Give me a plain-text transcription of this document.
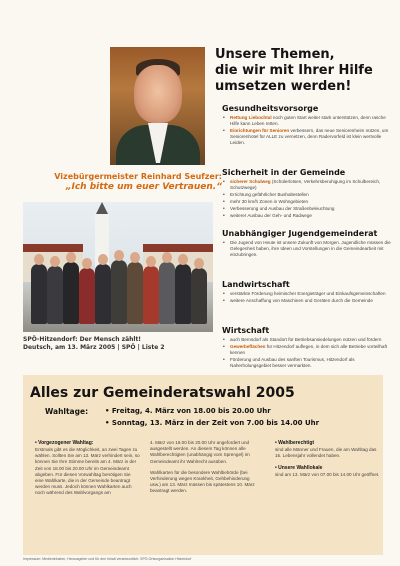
Vizebürgermeister Reinhard Seufzer:
„Ich bitte um euer Vertrauen.“
SPÖ-Hitzendorf: Der Mensch zählt!
Deutsch, am 13. März 2005 | SPÖ | Liste 2
Unsere Themen,
die wir mit Ihrer Hilfe
umsetzen werden!
Gesundheitsvorsorge
• Rettung Liebochtal noch guten Start weiter stark unterstützen, denn rasche Hilfe kann Leben retten.
• Einrichtungen für Senioren verbessern, das neue Seniorenheim nützen, um Seniorenhotel für ALLE zu vernetzen, denn Radervorfeld ist klein wertvolle Leiden.
Sicherheit in der Gemeinde
• sicherer Schulweg (Schülerlotsen, Verkehrsberuhigung im Schulbereich, Schutzwege)
• Errichtung gefährlicher Bushaltestellen
• mehr 30 km/h Zonen in Wohngebieten
• Verbesserung und Ausbau der Straßenbeleuchtung
• weiterer Ausbau der Geh- und Radwege
Unabhängiger Jugendgemeinderat
• Die Jugend von Heute ist unsere Zukunft von Morgen. Jugendliche müssen die Gelegenheit haben, ihre Ideen und Vorstellungen in die Gemeindearbeit mit einzubringen.
Landwirtschaft
• verstärkte Förderung heimischer Energieträger und Einkaufsgemeinschaften
• weitere Anschaffung von Maschinen und Geräten durch die Gemeinde
Wirtschaft
• auch Bernsdorf als Standort für Betriebsansiedelungen nützen und fördern
• Gewerbeflächen für Hitzendorf auflegen, in dem sich alle Betriebe vorteilhaft kennen
• Förderung und Ausbau des sanften Tourismus, Hitzendorf als Naherholungsgebiet besser vermarkten.
Alles zur Gemeinderatswahl 2005
Wahltage: • Freitag, 4. März von 18.00 bis 20.00 Uhr
• Sonntag, 13. März in der Zeit von 7.00 bis 14.00 Uhr
• Vorgezogener Wahltag:
Erstmals gibt es die Möglichkeit, an zwei Tagen zu wählen. Sollten Sie am 13. März verhindert sein, so können Sie Ihre Stimme bereits am 4. März in der Zeit von 18.00 bis 20.00 Uhr im Gemeindeamt abgeben. Für diesen Vorwahltag benötigen Sie eine Wahlkarte, die in der Gemeinde beantragt werden muss. Jedoch können Wahlkarten auch noch während des Wahlvorgangs am
4. März von 18.00 bis 20.00 Uhr angefordert und ausgestellt werden. An diesem Tag können alle Wahlberechtigten (unabhängig vom Sprengel) im Gemeindeamt ihr Wahlrecht ausüben.
Wahlkarten für die besondere Wahlbehörde (bei Verhinderung wegen Krankheit, Gehbehinderung usw.) am 13. März müssen bis spätestens 10. März beantragt werden.
• Wahlberechtigt
sind alle Männer und Frauen, die am Wahltag das 16. Lebensjahr vollendet haben.
• Unsere Wahllokale
sind am 13. März von 07.00 bis 14.00 Uhr geöffnet.
Impressum: Medieninhaber, Herausgeber und für den Inhalt verantwortlich: SPÖ-Ortsorganisation Hitzendorf
